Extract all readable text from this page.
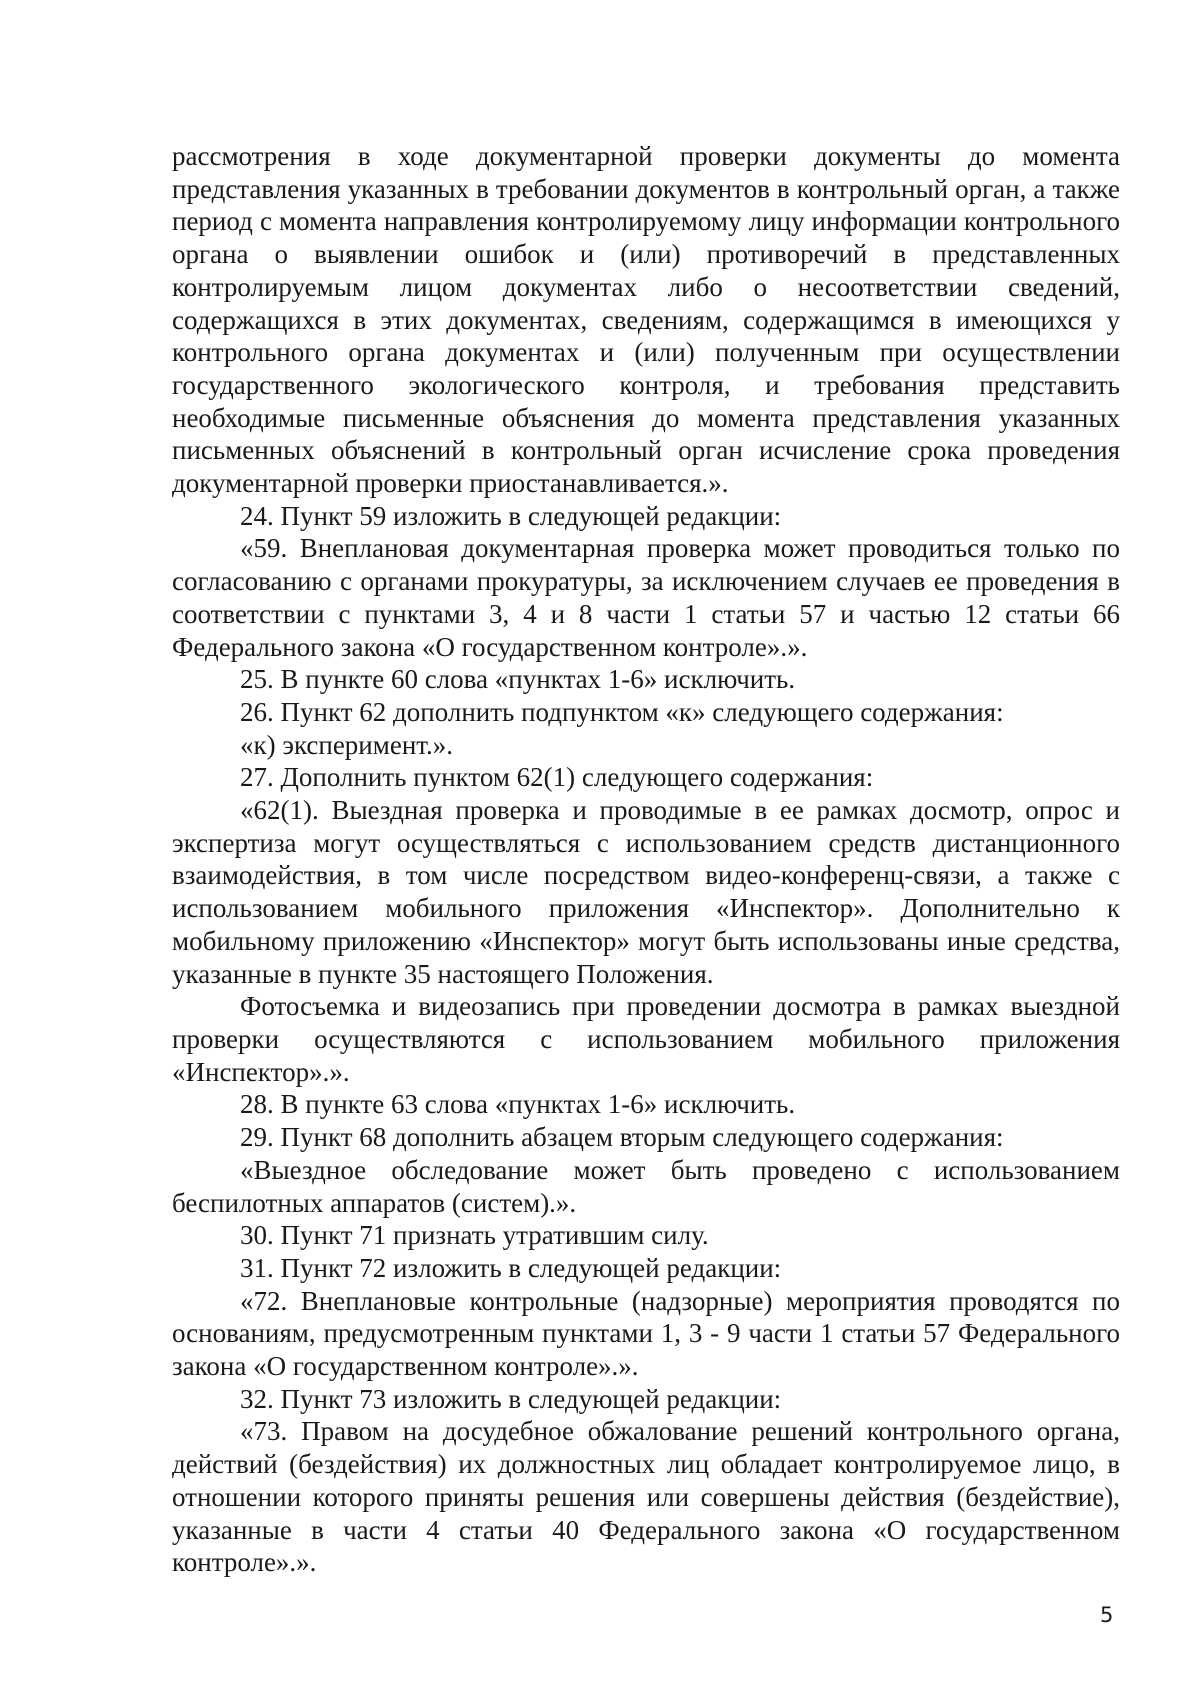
рассмотрения в ходе документарной проверки документы до момента представления указанных в требовании документов в контрольный орган, а также период с момента направления контролируемому лицу информации контрольного органа о выявлении ошибок и (или) противоречий в представленных контролируемым лицом документах либо о несоответствии сведений, содержащихся в этих документах, сведениям, содержащимся в имеющихся у контрольного органа документах и (или) полученным при осуществлении государственного экологического контроля, и требования представить необходимые письменные объяснения до момента представления указанных письменных объяснений в контрольный орган исчисление срока проведения документарной проверки приостанавливается.».

24. Пункт 59 изложить в следующей редакции:

«59. Внеплановая документарная проверка может проводиться только по согласованию с органами прокуратуры, за исключением случаев ее проведения в соответствии с пунктами 3, 4 и 8 части 1 статьи 57 и частью 12 статьи 66 Федерального закона «О государственном контроле».».

25. В пункте 60 слова «пунктах 1-6» исключить.

26. Пункт 62 дополнить подпунктом «к» следующего содержания:

«к) эксперимент.».

27. Дополнить пунктом 62(1) следующего содержания:

«62(1). Выездная проверка и проводимые в ее рамках досмотр, опрос и экспертиза могут осуществляться с использованием средств дистанционного взаимодействия, в том числе посредством видео-конференц-связи, а также с использованием мобильного приложения «Инспектор». Дополнительно к мобильному приложению «Инспектор» могут быть использованы иные средства, указанные в пункте 35 настоящего Положения.

Фотосъемка и видеозапись при проведении досмотра в рамках выездной проверки осуществляются с использованием мобильного приложения «Инспектор».».

28. В пункте 63 слова «пунктах 1-6» исключить.

29. Пункт 68 дополнить абзацем вторым следующего содержания:

«Выездное обследование может быть проведено с использованием беспилотных аппаратов (систем).».

30. Пункт 71 признать утратившим силу.

31. Пункт 72 изложить в следующей редакции:

«72. Внеплановые контрольные (надзорные) мероприятия проводятся по основаниям, предусмотренным пунктами 1, 3 - 9 части 1 статьи 57 Федерального закона «О государственном контроле».».

32. Пункт 73 изложить в следующей редакции:

«73. Правом на досудебное обжалование решений контрольного органа, действий (бездействия) их должностных лиц обладает контролируемое лицо, в отношении которого приняты решения или совершены действия (бездействие), указанные в части 4 статьи 40 Федерального закона «О государственном контроле».».

5
